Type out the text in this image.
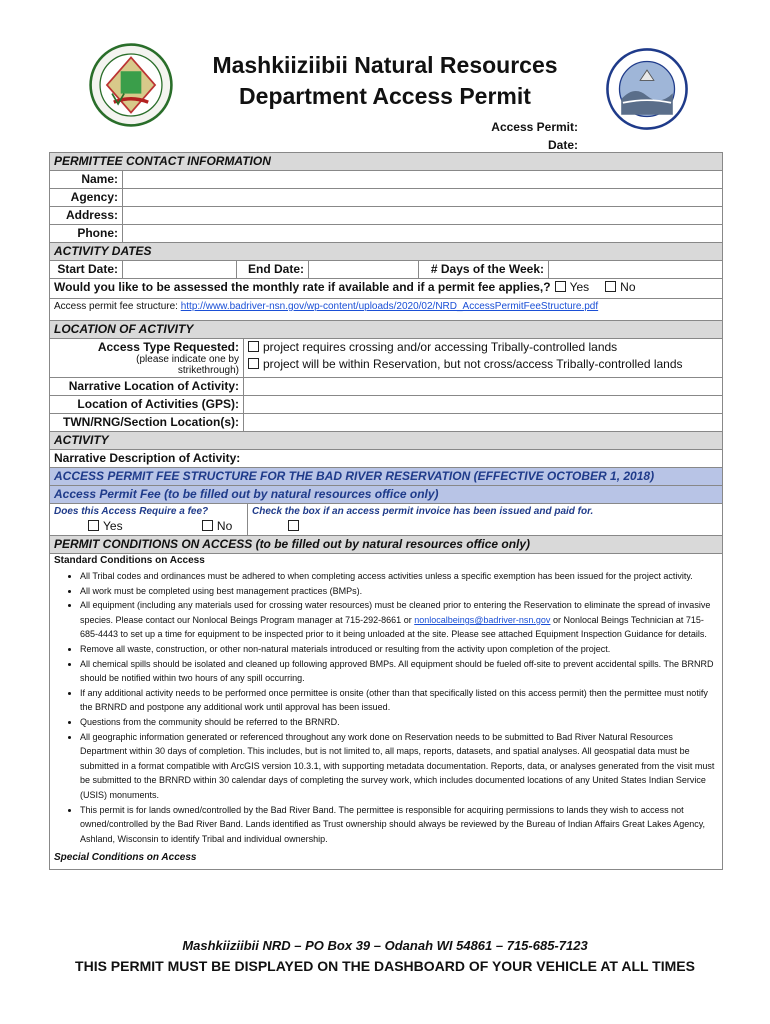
Mashkiiziibii Natural Resources
Department Access Permit
Access Permit:
Date:
PERMITTEE CONTACT INFORMATION
Name:
Agency:
Address:
Phone:
ACTIVITY DATES
Start Date:	End Date:	# Days of the Week:
Would you like to be assessed the monthly rate if available and if a permit fee applies,?	Yes	No
Access permit fee structure:
http://www.badriver-nsn.gov/wp-content/uploads/2020/02/NRD_AccessPermitFeeStructure.pdf
LOCATION OF ACTIVITY
Access Type Requested:
(please indicate one by
strikethrough)
project requires crossing and/or accessing Tribally-controlled lands
project will be within Reservation, but not cross/access Tribally-controlled lands
Narrative Location of Activity:
Location of Activities (GPS):
TWN/RNG/Section Location(s):
ACTIVITY
Narrative Description of Activity:
ACCESS PERMIT FEE STRUCTURE FOR THE BAD RIVER RESERVATION (EFFECTIVE OCTOBER 1, 2018)
Access Permit Fee (to be filled out by natural resources office only)
Does this Access Require a fee?
Yes	No
Check the box if an access permit invoice has been issued and paid for.
PERMIT CONDITIONS ON ACCESS (to be filled out by natural resources office only)
Standard Conditions on Access
• All Tribal codes and ordinances must be adhered to when completing access activities unless a specific exemption has been issued for the project activity.
• All work must be completed using best management practices (BMPs).
• All equipment (including any materials used for crossing water resources) must be cleaned prior to entering the Reservation to eliminate the spread of invasive species. Please contact our Nonlocal Beings Program manager at 715-292-8661 or nonlocalbeings@badriver-nsn.gov or Nonlocal Beings Technician at 715-685-4443 to set up a time for equipment to be inspected prior to it being unloaded at the site. Please see attached Equipment Inspection Guidance for details.
• Remove all waste, construction, or other non-natural materials introduced or resulting from the activity upon completion of the project.
• All chemical spills should be isolated and cleaned up following approved BMPs. All equipment should be fueled off-site to prevent accidental spills. The BRNRD should be notified within two hours of any spill occurring.
• If any additional activity needs to be performed once permittee is onsite (other than that specifically listed on this access permit) then the permittee must notify the BRNRD and postpone any additional work until approval has been issued.
• Questions from the community should be referred to the BRNRD.
• All geographic information generated or referenced throughout any work done on Reservation needs to be submitted to Bad River Natural Resources Department within 30 days of completion. This includes, but is not limited to, all maps, reports, datasets, and spatial analyses. All geospatial data must be submitted in a format compatible with ArcGIS version 10.3.1, with supporting metadata documentation. Reports, data, or analyses generated from the visit must be submitted to the BRNRD within 30 calendar days of completing the survey work, which includes documented locations of any United States Indian Service (USIS) monuments.
• This permit is for lands owned/controlled by the Bad River Band. The permittee is responsible for acquiring permissions to lands they wish to access not owned/controlled by the Bad River Band. Lands identified as Trust ownership should always be reviewed by the Bureau of Indian Affairs Great Lakes Agency, Ashland, Wisconsin to identify Tribal and individual ownership.
Special Conditions on Access
Mashkiiziibii NRD – PO Box 39 – Odanah WI 54861 – 715-685-7123
THIS PERMIT MUST BE DISPLAYED ON THE DASHBOARD OF YOUR VEHICLE AT ALL TIMES
